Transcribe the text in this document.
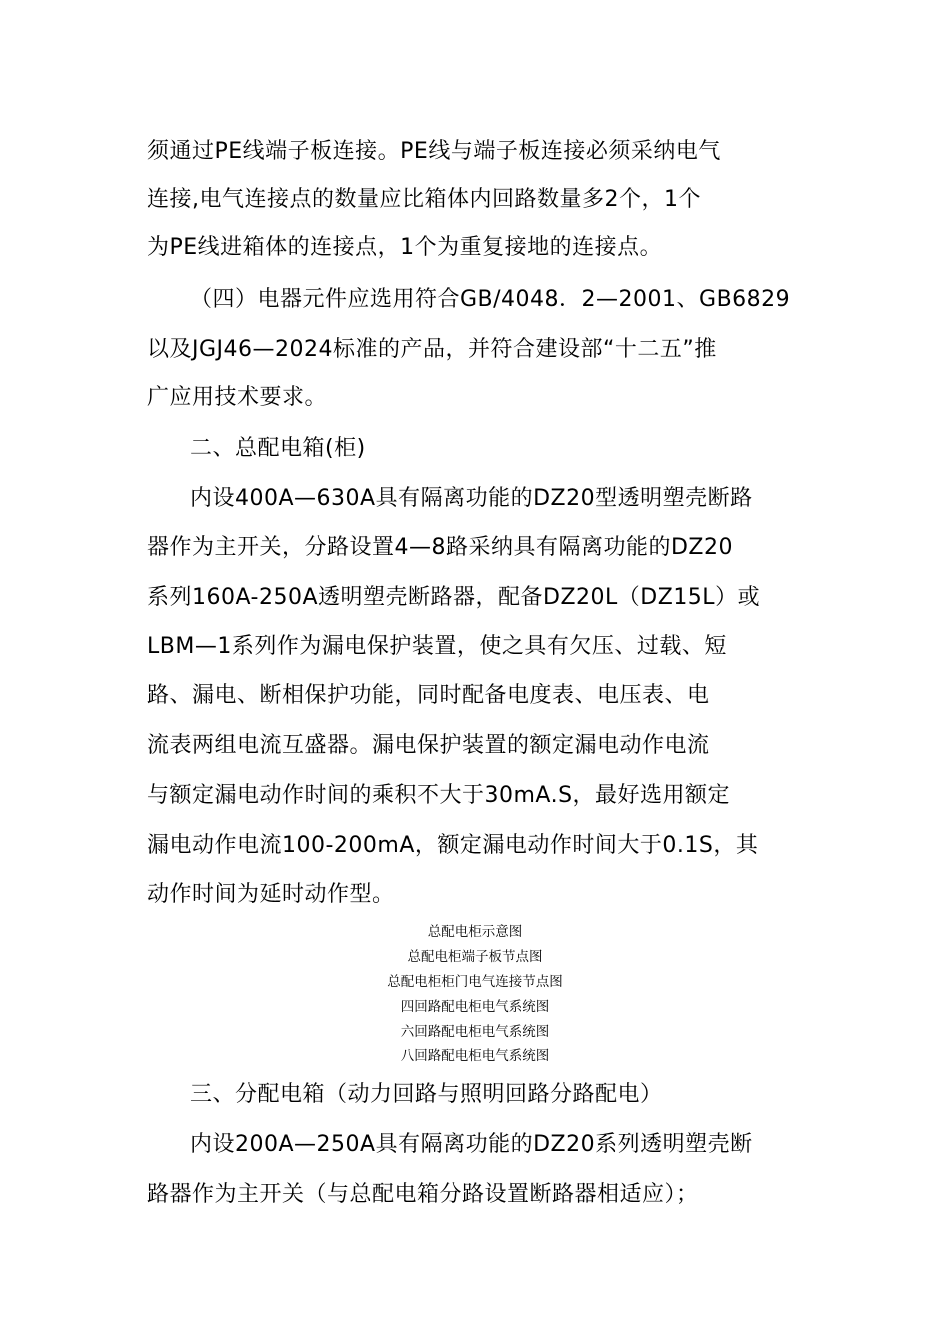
须通过PE线端子板连接。PE线与端子板连接必须采纳电气
连接,电气连接点的数量应比箱体内回路数量多2个，1个
为PE线进箱体的连接点，1个为重复接地的连接点。
（四）电器元件应选用符合GB/4048．2—2001、GB6829
以及JGJ46—2024标准的产品，并符合建设部“十二五”推
广应用技术要求。
二、总配电箱(柜)
内设400A—630A具有隔离功能的DZ20型透明塑壳断路
器作为主开关，分路设置4—8路采纳具有隔离功能的DZ20
系列160A-250A透明塑壳断路器，配备DZ20L（DZ15L）或
LBM—1系列作为漏电保护装置，使之具有欠压、过载、短
路、漏电、断相保护功能，同时配备电度表、电压表、电
流表两组电流互盛器。漏电保护装置的额定漏电动作电流
与额定漏电动作时间的乘积不大于30mA.S，最好选用额定
漏电动作电流100-200mA，额定漏电动作时间大于0.1S，其
动作时间为延时动作型。
总配电柜示意图
总配电柜端子板节点图
总配电柜柜门电气连接节点图
四回路配电柜电气系统图
六回路配电柜电气系统图
八回路配电柜电气系统图
三、分配电箱（动力回路与照明回路分路配电）
内设200A—250A具有隔离功能的DZ20系列透明塑壳断
路器作为主开关（与总配电箱分路设置断路器相适应）；
